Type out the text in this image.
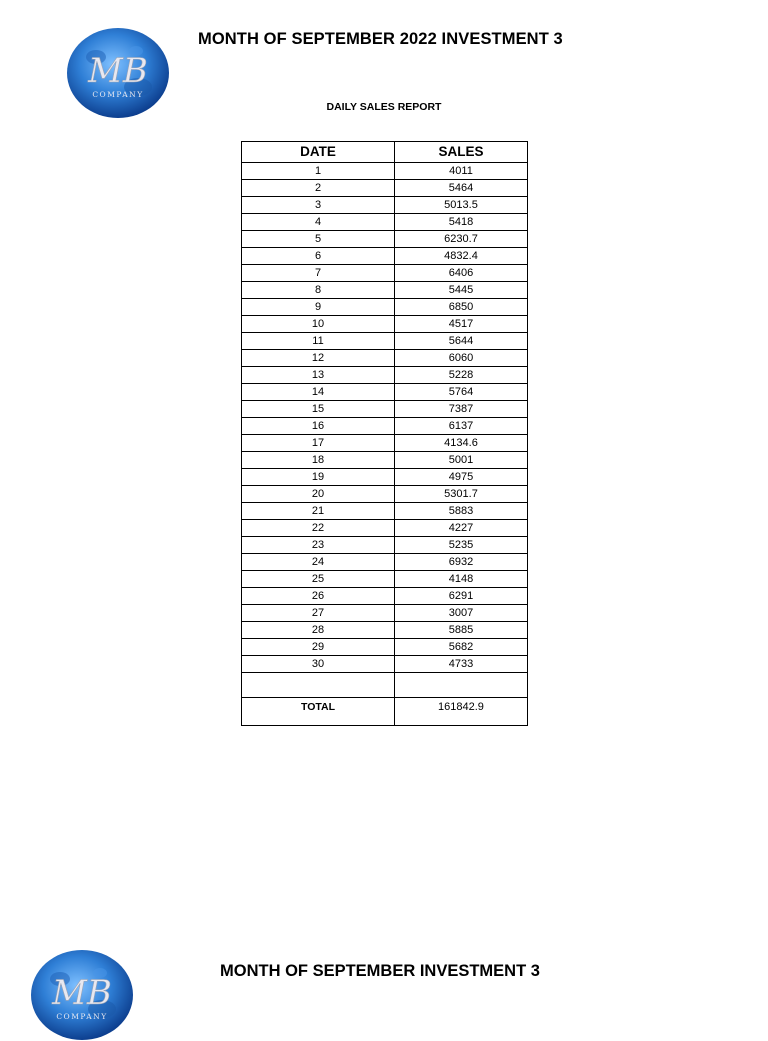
MB
COMPANY
MONTH OF SEPTEMBER 2022 INVESTMENT 3
DAILY SALES REPORT
DATE	SALES
1	4011
2	5464
3	5013.5
4	5418
5	6230.7
6	4832.4
7	6406
8	5445
9	6850
10	4517
11	5644
12	6060
13	5228
14	5764
15	7387
16	6137
17	4134.6
18	5001
19	4975
20	5301.7
21	5883
22	4227
23	5235
24	6932
25	4148
26	6291
27	3007
28	5885
29	5682
30	4733

TOTAL	161842.9
MB
COMPANY
MONTH OF SEPTEMBER INVESTMENT 3
